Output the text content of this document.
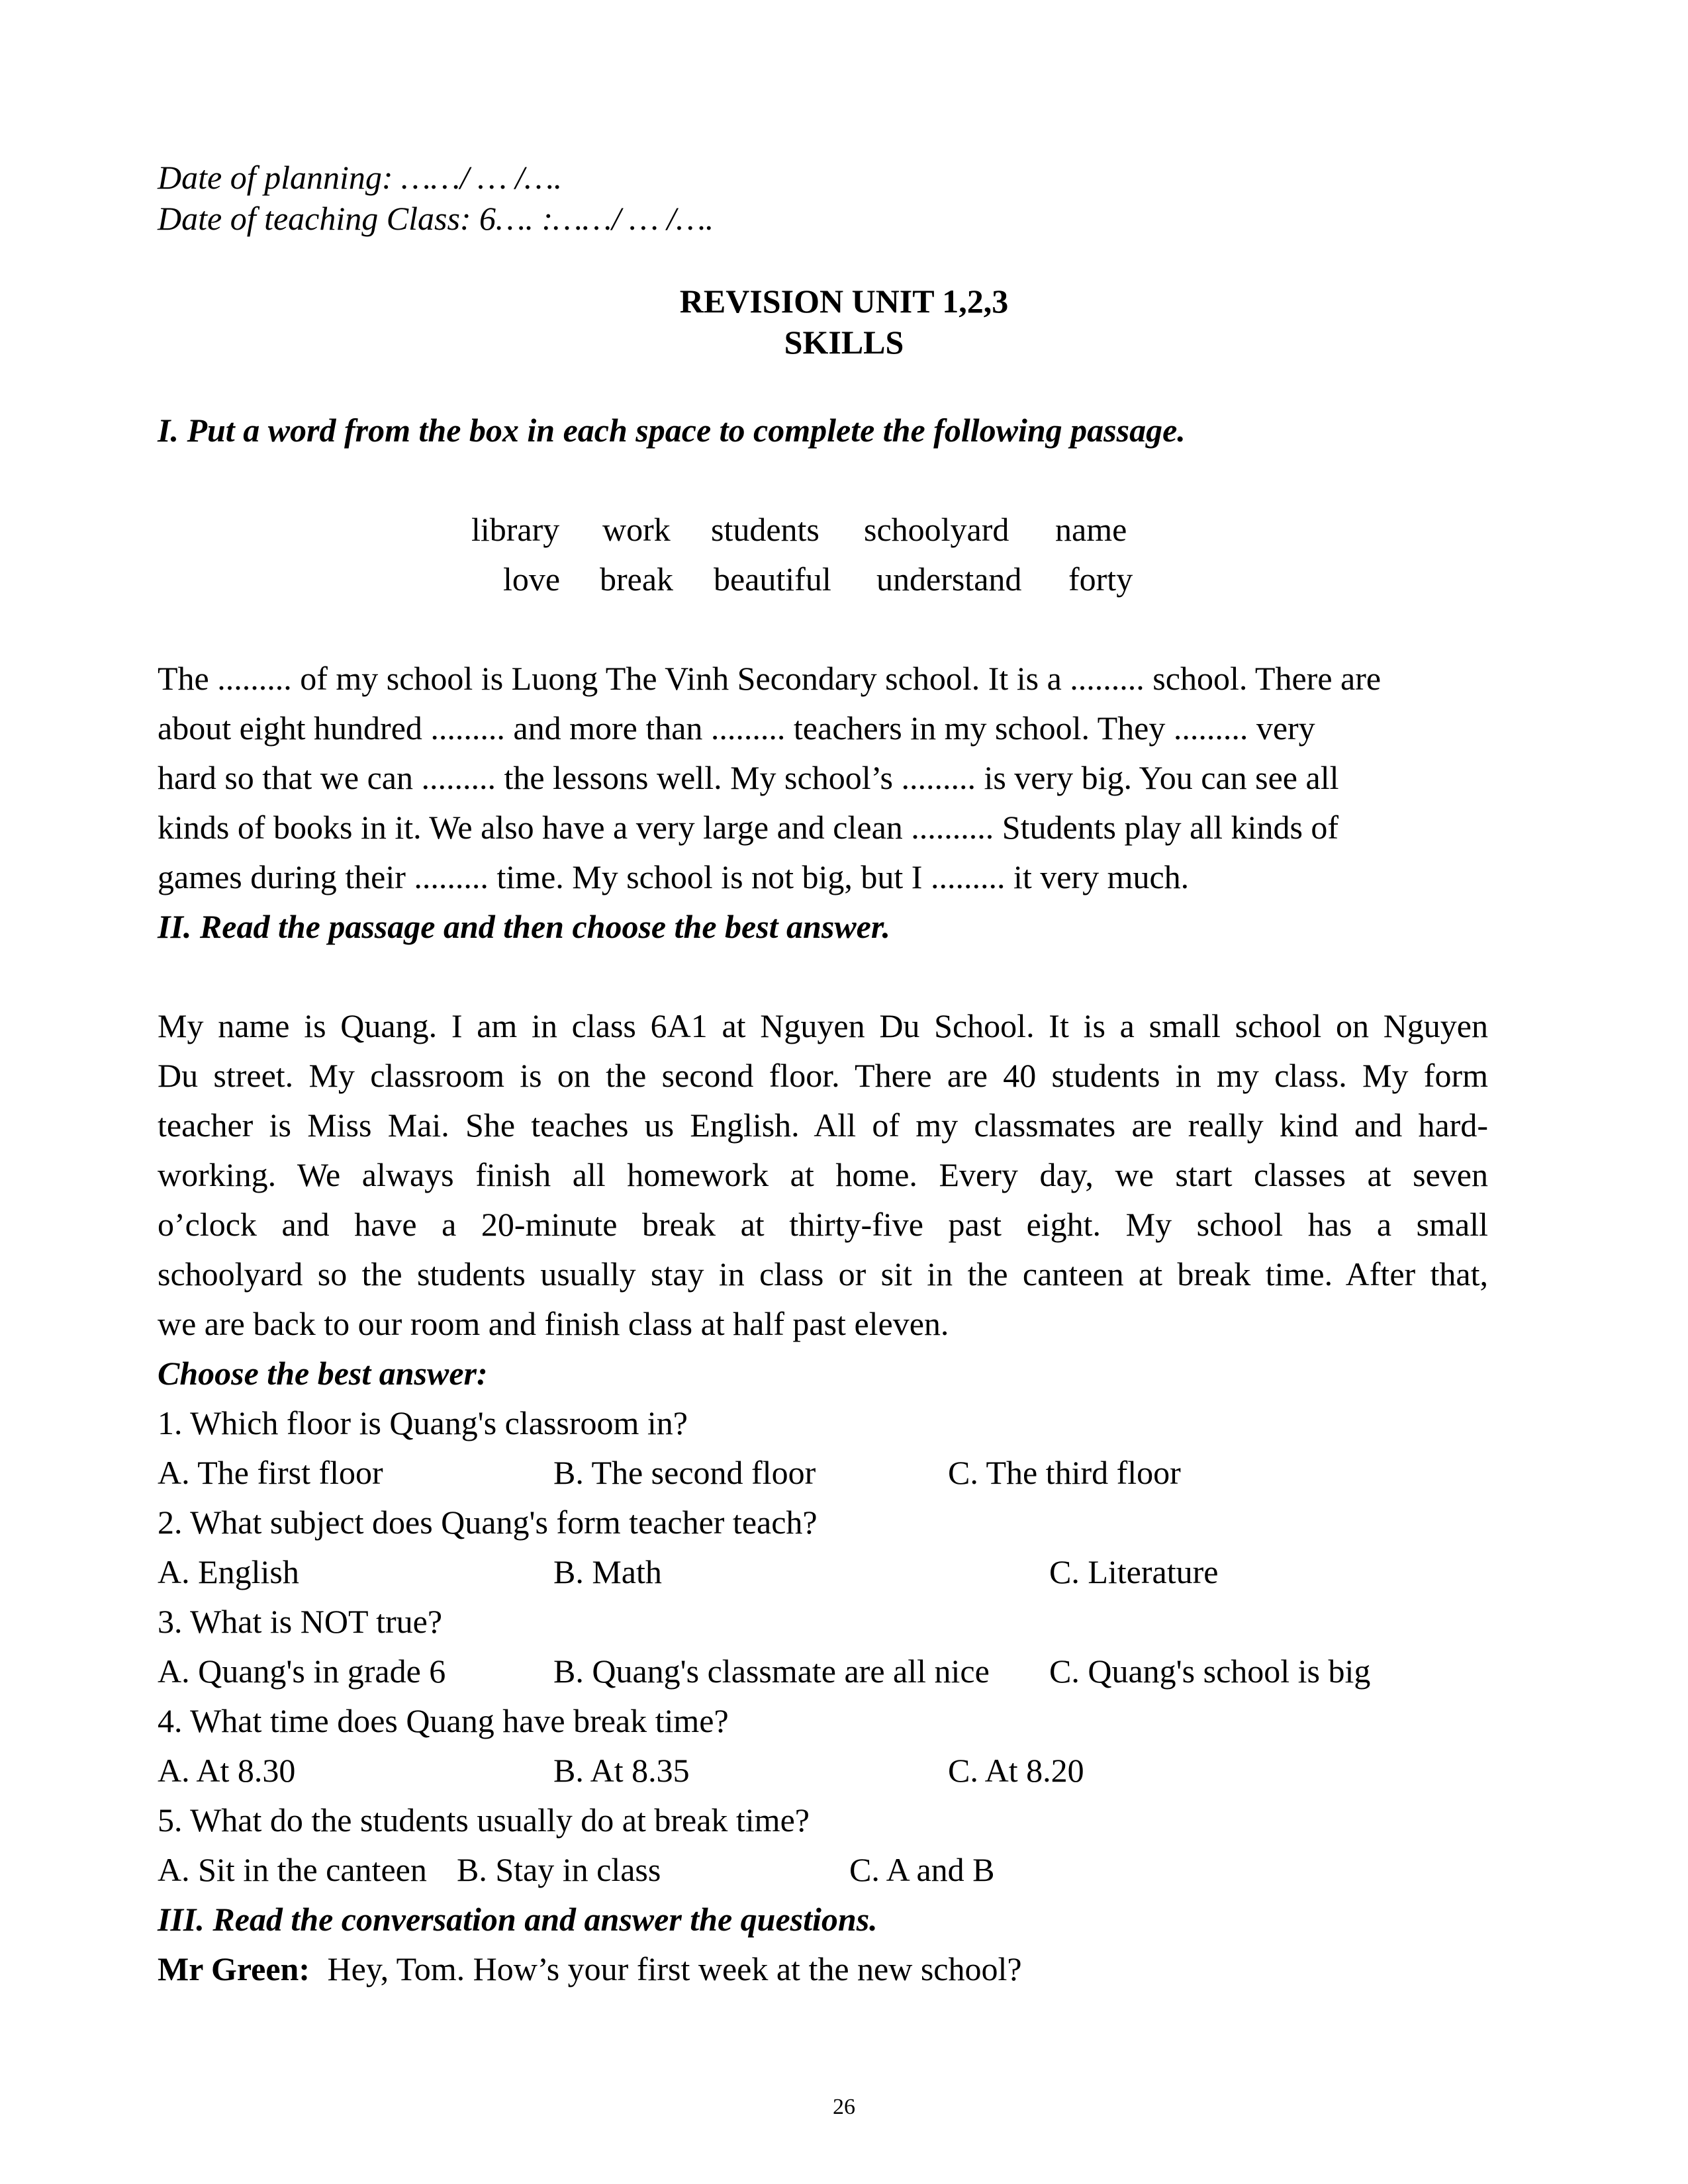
Date of planning: ……/ … /….
Date of teaching Class: 6…. :……/ … /….
REVISION UNIT 1,2,3
SKILLS
I. Put a word from the box in each space to complete the following passage.
library work students schoolyard name
love break beautiful understand forty
The ......... of my school is Luong The Vinh Secondary school. It is a ......... school. There are
about eight hundred ......... and more than ......... teachers in my school. They ......... very
hard so that we can ......... the lessons well. My school’s ......... is very big. You can see all
kinds of books in it. We also have a very large and clean .......... Students play all kinds of
games during their ......... time. My school is not big, but I ......... it very much.
II. Read the passage and then choose the best answer.
My name is Quang. I am in class 6A1 at Nguyen Du School. It is a small school on Nguyen
Du street. My classroom is on the second floor. There are 40 students in my class. My form
teacher is Miss Mai. She teaches us English. All of my classmates are really kind and hard-
working. We always finish all homework at home. Every day, we start classes at seven
o’clock and have a 20-minute break at thirty-five past eight. My school has a small
schoolyard so the students usually stay in class or sit in the canteen at break time. After that,
we are back to our room and finish class at half past eleven.
Choose the best answer:
1. Which floor is Quang's classroom in?
A. The first floor	B. The second floor	C. The third floor
2. What subject does Quang's form teacher teach?
A. English	B. Math	C. Literature
3. What is NOT true?
A. Quang's in grade 6	B. Quang's classmate are all nice C. Quang's school is big
4. What time does Quang have break time?
A. At 8.30	B. At 8.35	C. At 8.20
5. What do the students usually do at break time?
A. Sit in the canteen B. Stay in class	C. A and B
III. Read the conversation and answer the questions.
Mr Green: Hey, Tom. How’s your first week at the new school?
26
